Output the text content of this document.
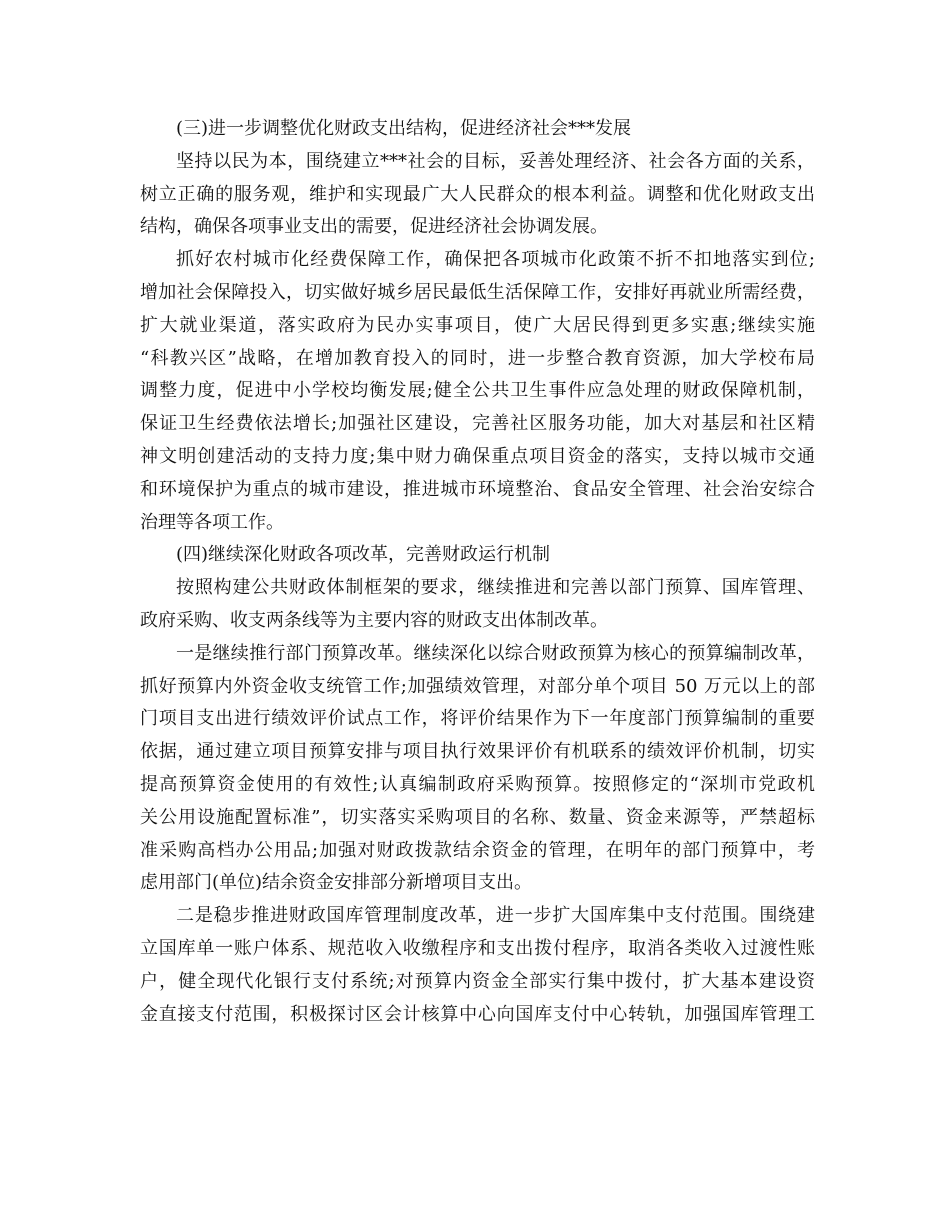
(三)进一步调整优化财政支出结构，促进经济社会***发展
坚持以民为本，围绕建立***社会的目标，妥善处理经济、社会各方面的关系，
树立正确的服务观，维护和实现最广大人民群众的根本利益。调整和优化财政支出
结构，确保各项事业支出的需要，促进经济社会协调发展。
抓好农村城市化经费保障工作，确保把各项城市化政策不折不扣地落实到位;
增加社会保障投入，切实做好城乡居民最低生活保障工作，安排好再就业所需经费，
扩大就业渠道，落实政府为民办实事项目，使广大居民得到更多实惠;继续实施
“科教兴区”战略，在增加教育投入的同时，进一步整合教育资源，加大学校布局
调整力度，促进中小学校均衡发展;健全公共卫生事件应急处理的财政保障机制，
保证卫生经费依法增长;加强社区建设，完善社区服务功能，加大对基层和社区精
神文明创建活动的支持力度;集中财力确保重点项目资金的落实，支持以城市交通
和环境保护为重点的城市建设，推进城市环境整治、食品安全管理、社会治安综合
治理等各项工作。
(四)继续深化财政各项改革，完善财政运行机制
按照构建公共财政体制框架的要求，继续推进和完善以部门预算、国库管理、
政府采购、收支两条线等为主要内容的财政支出体制改革。
一是继续推行部门预算改革。继续深化以综合财政预算为核心的预算编制改革，
抓好预算内外资金收支统管工作;加强绩效管理，对部分单个项目 50 万元以上的部
门项目支出进行绩效评价试点工作，将评价结果作为下一年度部门预算编制的重要
依据，通过建立项目预算安排与项目执行效果评价有机联系的绩效评价机制，切实
提高预算资金使用的有效性;认真编制政府采购预算。按照修定的“深圳市党政机
关公用设施配置标准”，切实落实采购项目的名称、数量、资金来源等，严禁超标
准采购高档办公用品;加强对财政拨款结余资金的管理，在明年的部门预算中，考
虑用部门(单位)结余资金安排部分新增项目支出。
二是稳步推进财政国库管理制度改革，进一步扩大国库集中支付范围。围绕建
立国库单一账户体系、规范收入收缴程序和支出拨付程序，取消各类收入过渡性账
户，健全现代化银行支付系统;对预算内资金全部实行集中拨付，扩大基本建设资
金直接支付范围，积极探讨区会计核算中心向国库支付中心转轨，加强国库管理工
